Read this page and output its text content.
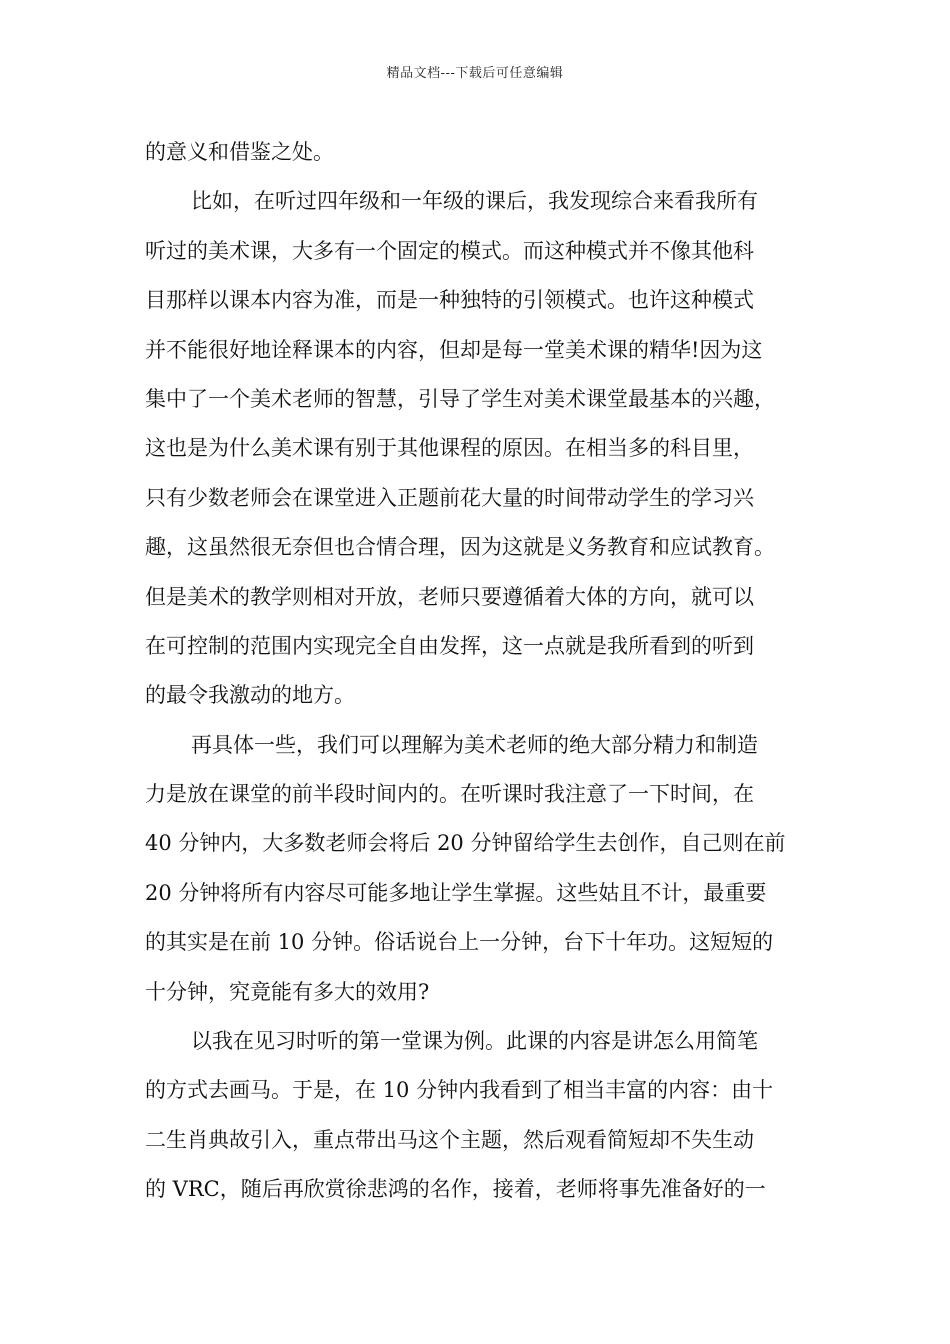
精品文档---下载后可任意编辑
的意义和借鉴之处。
比如，在听过四年级和一年级的课后，我发现综合来看我所有
听过的美术课，大多有一个固定的模式。而这种模式并不像其他科
目那样以课本内容为准，而是一种独特的引领模式。也许这种模式
并不能很好地诠释课本的内容，但却是每一堂美术课的精华!因为这
集中了一个美术老师的智慧，引导了学生对美术课堂最基本的兴趣，
这也是为什么美术课有别于其他课程的原因。在相当多的科目里，
只有少数老师会在课堂进入正题前花大量的时间带动学生的学习兴
趣，这虽然很无奈但也合情合理，因为这就是义务教育和应试教育。
但是美术的教学则相对开放，老师只要遵循着大体的方向，就可以
在可控制的范围内实现完全自由发挥，这一点就是我所看到的听到
的最令我激动的地方。
再具体一些，我们可以理解为美术老师的绝大部分精力和制造
力是放在课堂的前半段时间内的。在听课时我注意了一下时间，在
40 分钟内，大多数老师会将后 20 分钟留给学生去创作，自己则在前
20 分钟将所有内容尽可能多地让学生掌握。这些姑且不计，最重要
的其实是在前 10 分钟。俗话说台上一分钟，台下十年功。这短短的
十分钟，究竟能有多大的效用?
以我在见习时听的第一堂课为例。此课的内容是讲怎么用简笔
的方式去画马。于是，在 10 分钟内我看到了相当丰富的内容：由十
二生肖典故引入，重点带出马这个主题，然后观看简短却不失生动
的 VRC，随后再欣赏徐悲鸿的名作，接着，老师将事先准备好的一
